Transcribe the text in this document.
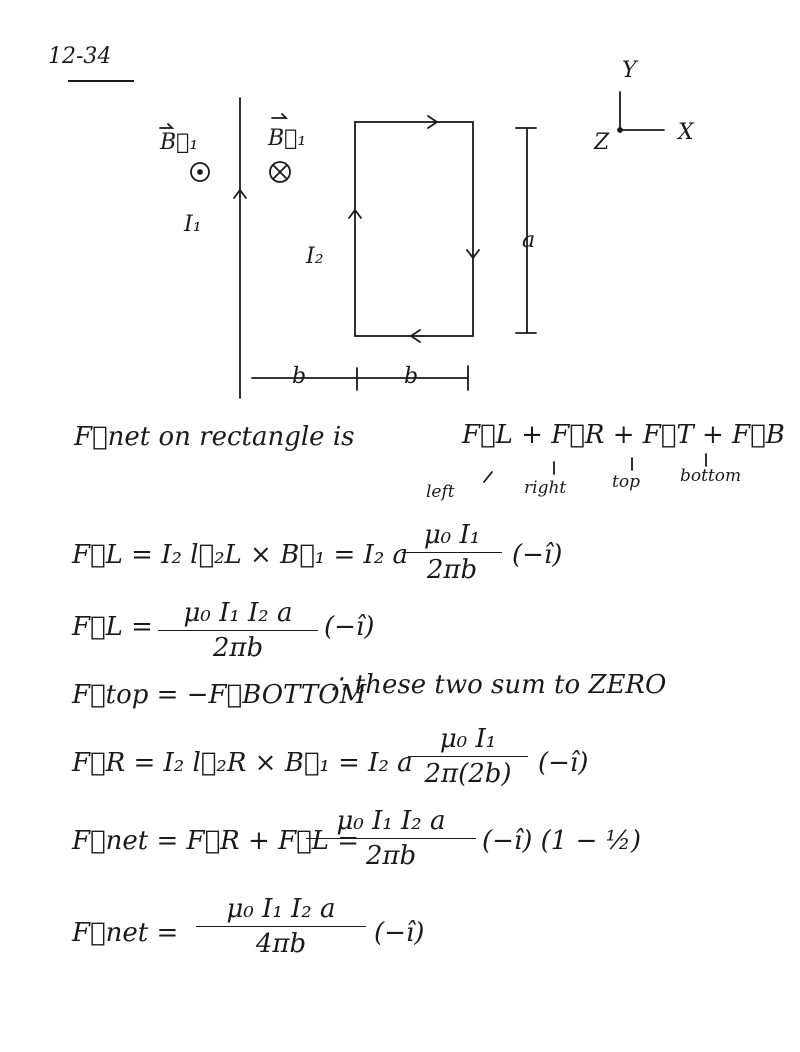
12-34
Y
X
Z
B⃗₁	B⃗₁
I₁
I₂
a
b	b
F⃗net on rectangle is	F⃗L + F⃗R + F⃗T + F⃗B
left	right	top bottom
F⃗L = I₂ l⃗₂L × B⃗₁ = I₂ a
μ₀ I₁
2πb	(−î)
F⃗L =	μ₀ I₁ I₂ a
2πb
(−î)
F⃗top = −F⃗BOTTOM
∴ these two sum to ZERO
F⃗R = I₂ l⃗₂R × B⃗₁ = I₂ a
μ₀ I₁
2π(2b)	(−î)
F⃗net = F⃗R + F⃗L =
μ₀ I₁ I₂ a
2πb	(−î) (1 − ½)
F⃗net =
μ₀ I₁ I₂ a
4πb	(−î)
